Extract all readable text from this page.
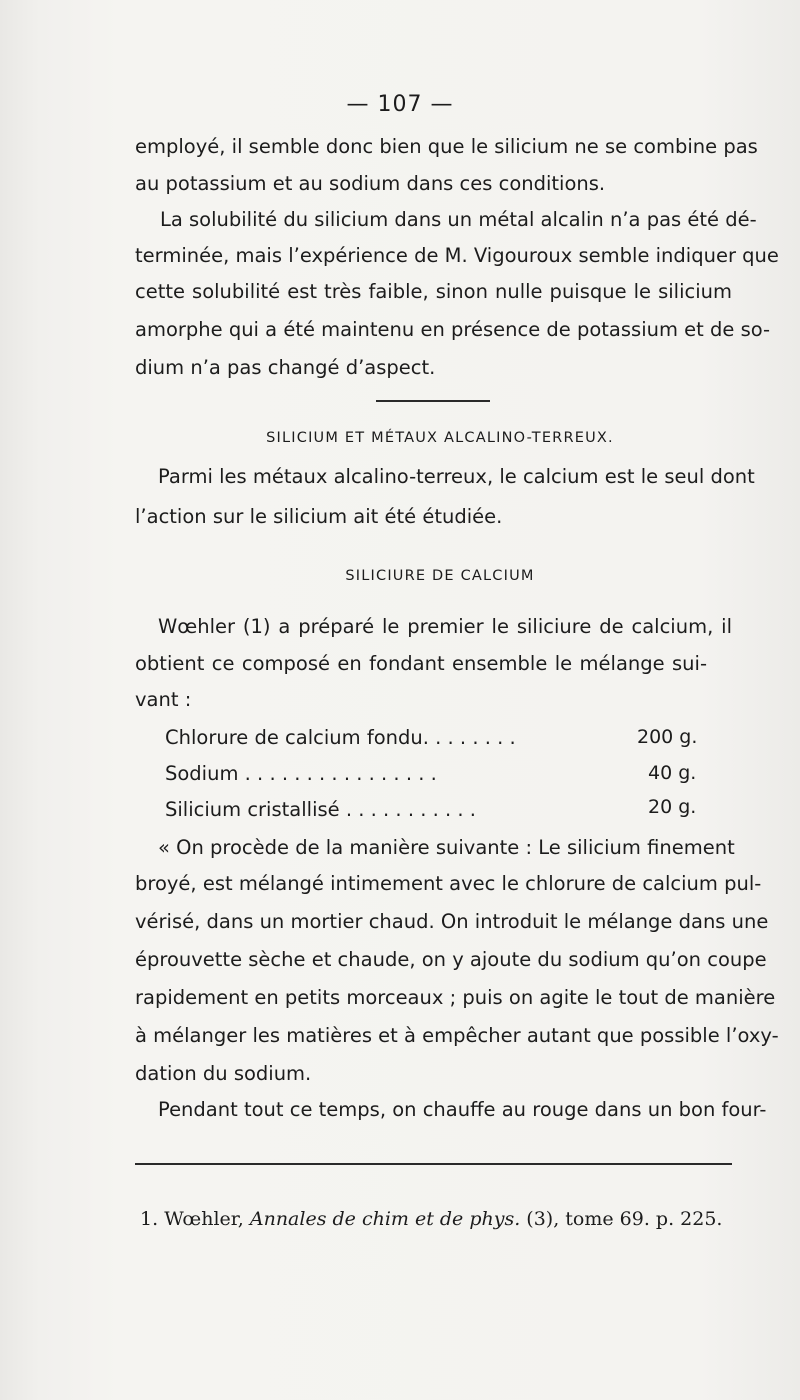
— 107 —
employé, il semble donc bien que le silicium ne se combine pas
au potassium et au sodium dans ces conditions.
La solubilité du silicium dans un métal alcalin n’a pas été dé-
terminée, mais l’expérience de M. Vigouroux semble indiquer que
cette solubilité est très faible, sinon nulle puisque le silicium
amorphe qui a été maintenu en présence de potassium et de so-
dium n’a pas changé d’aspect.
SILICIUM ET MÉTAUX ALCALINO-TERREUX.
Parmi les métaux alcalino-terreux, le calcium est le seul dont
l’action sur le silicium ait été étudiée.
SILICIURE DE CALCIUM
Wœhler (1) a préparé le premier le siliciure de calcium, il
obtient ce composé en fondant ensemble le mélange sui-
vant :
Chlorure de calcium fondu. . . . . . . .	200 g.
Sodium . . . . . . . . . . . . . . . .	40 g.
Silicium cristallisé . . . . . . . . . . .	20 g.
« On procède de la manière suivante : Le silicium finement
broyé, est mélangé intimement avec le chlorure de calcium pul-
vérisé, dans un mortier chaud. On introduit le mélange dans une
éprouvette sèche et chaude, on y ajoute du sodium qu’on coupe
rapidement en petits morceaux ; puis on agite le tout de manière
à mélanger les matières et à empêcher autant que possible l’oxy-
dation du sodium.
Pendant tout ce temps, on chauffe au rouge dans un bon four-
1. Wœhler, Annales de chim et de phys. (3), tome 69. p. 225.
